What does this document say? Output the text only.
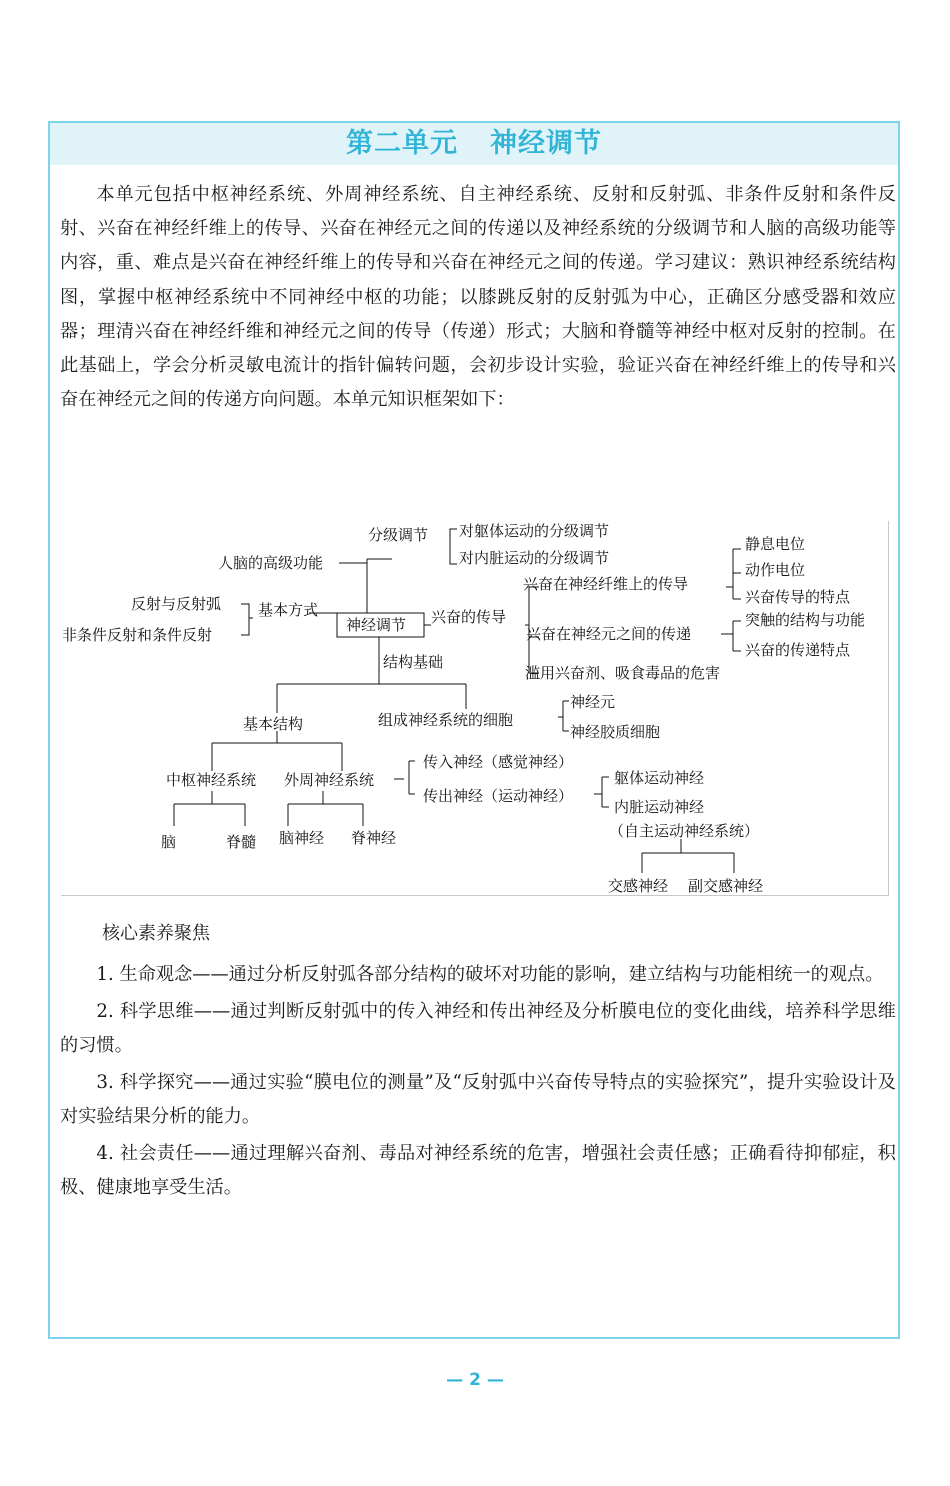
第二单元 神经调节

本单元包括中枢神经系统、外周神经系统、自主神经系统、反射和反射弧、非条件反射和条件反射、兴奋在神经纤维上的传导、兴奋在神经元之间的传递以及神经系统的分级调节和人脑的高级功能等内容，重、难点是兴奋在神经纤维上的传导和兴奋在神经元之间的传递。学习建议：熟识神经系统结构图，掌握中枢神经系统中不同神经中枢的功能；以膝跳反射的反射弧为中心，正确区分感受器和效应器；理清兴奋在神经纤维和神经元之间的传导（传递）形式；大脑和脊髓等神经中枢对反射的控制。在此基础上，学会分析灵敏电流计的指针偏转问题，会初步设计实验，验证兴奋在神经纤维上的传导和兴奋在神经元之间的传递方向问题。本单元知识框架如下：

分级调节 对躯体运动的分级调节
对内脏运动的分级调节
人脑的高级功能
基本方式
反射与反射弧
非条件反射和条件反射
神经调节 兴奋的传导
兴奋在神经纤维上的传导
静息电位
动作电位
兴奋传导的特点
兴奋在神经元之间的传递
突触的结构与功能
兴奋的传递特点
滥用兴奋剂、吸食毒品的危害
结构基础
基本结构	组成神经系统的细胞
神经元
神经胶质细胞
中枢神经系统 外周神经系统
脑	脊髓 脑神经 脊神经
传入神经（感觉神经）
传出神经（运动神经）
躯体运动神经
内脏运动神经
（自主运动神经系统）
交感神经 副交感神经

核心素养聚焦

1. 生命观念——通过分析反射弧各部分结构的破坏对功能的影响，建立结构与功能相统一的观点。

2. 科学思维——通过判断反射弧中的传入神经和传出神经及分析膜电位的变化曲线，培养科学思维的习惯。

3. 科学探究——通过实验“膜电位的测量”及“反射弧中兴奋传导特点的实验探究”，提升实验设计及对实验结果分析的能力。

4. 社会责任——通过理解兴奋剂、毒品对神经系统的危害，增强社会责任感；正确看待抑郁症，积极、健康地享受生活。

— 2 —
